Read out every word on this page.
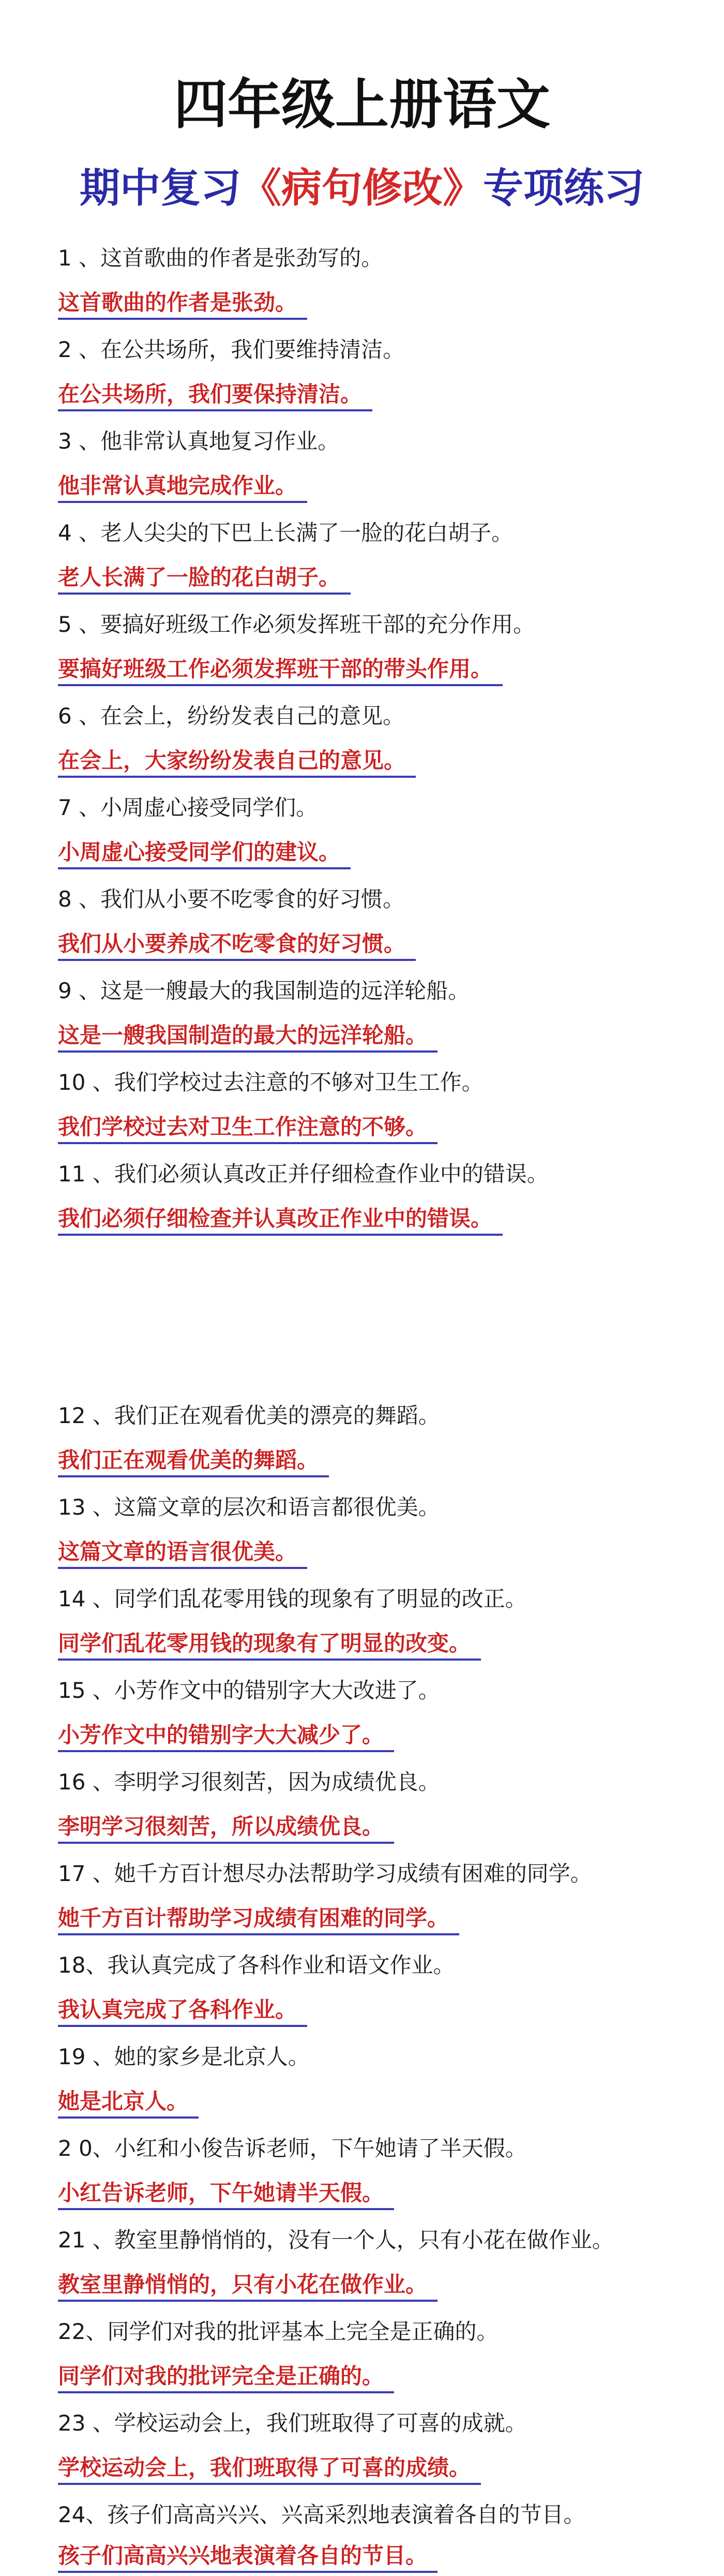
四年级上册语文
期中复习《病句修改》专项练习
1 、这首歌曲的作者是张劲写的。
这首歌曲的作者是张劲。
2 、在公共场所，我们要维持清洁。
在公共场所，我们要保持清洁。
3 、他非常认真地复习作业。
他非常认真地完成作业。
4 、老人尖尖的下巴上长满了一脸的花白胡子。
老人长满了一脸的花白胡子。
5 、要搞好班级工作必须发挥班干部的充分作用。
要搞好班级工作必须发挥班干部的带头作用。
6 、在会上，纷纷发表自己的意见。
在会上，大家纷纷发表自己的意见。
7 、小周虚心接受同学们。
小周虚心接受同学们的建议。
8 、我们从小要不吃零食的好习惯。
我们从小要养成不吃零食的好习惯。
9 、这是一艘最大的我国制造的远洋轮船。
这是一艘我国制造的最大的远洋轮船。
10 、我们学校过去注意的不够对卫生工作。
我们学校过去对卫生工作注意的不够。
11 、我们必须认真改正并仔细检查作业中的错误。
我们必须仔细检查并认真改正作业中的错误。
12 、我们正在观看优美的漂亮的舞蹈。
我们正在观看优美的舞蹈。
13 、这篇文章的层次和语言都很优美。
这篇文章的语言很优美。
14 、同学们乱花零用钱的现象有了明显的改正。
同学们乱花零用钱的现象有了明显的改变。
15 、小芳作文中的错别字大大改进了。
小芳作文中的错别字大大减少了。
16 、李明学习很刻苦，因为成绩优良。
李明学习很刻苦，所以成绩优良。
17 、她千方百计想尽办法帮助学习成绩有困难的同学。
她千方百计帮助学习成绩有困难的同学。
18、我认真完成了各科作业和语文作业。
我认真完成了各科作业。
19 、她的家乡是北京人。
她是北京人。
2 0、小红和小俊告诉老师，下午她请了半天假。
小红告诉老师，下午她请半天假。
21 、教室里静悄悄的，没有一个人，只有小花在做作业。
教室里静悄悄的，只有小花在做作业。
22、同学们对我的批评基本上完全是正确的。
同学们对我的批评完全是正确的。
23 、学校运动会上，我们班取得了可喜的成就。
学校运动会上，我们班取得了可喜的成绩。
24、孩子们高高兴兴、兴高采烈地表演着各自的节目。
孩子们高高兴兴地表演着各自的节目。
